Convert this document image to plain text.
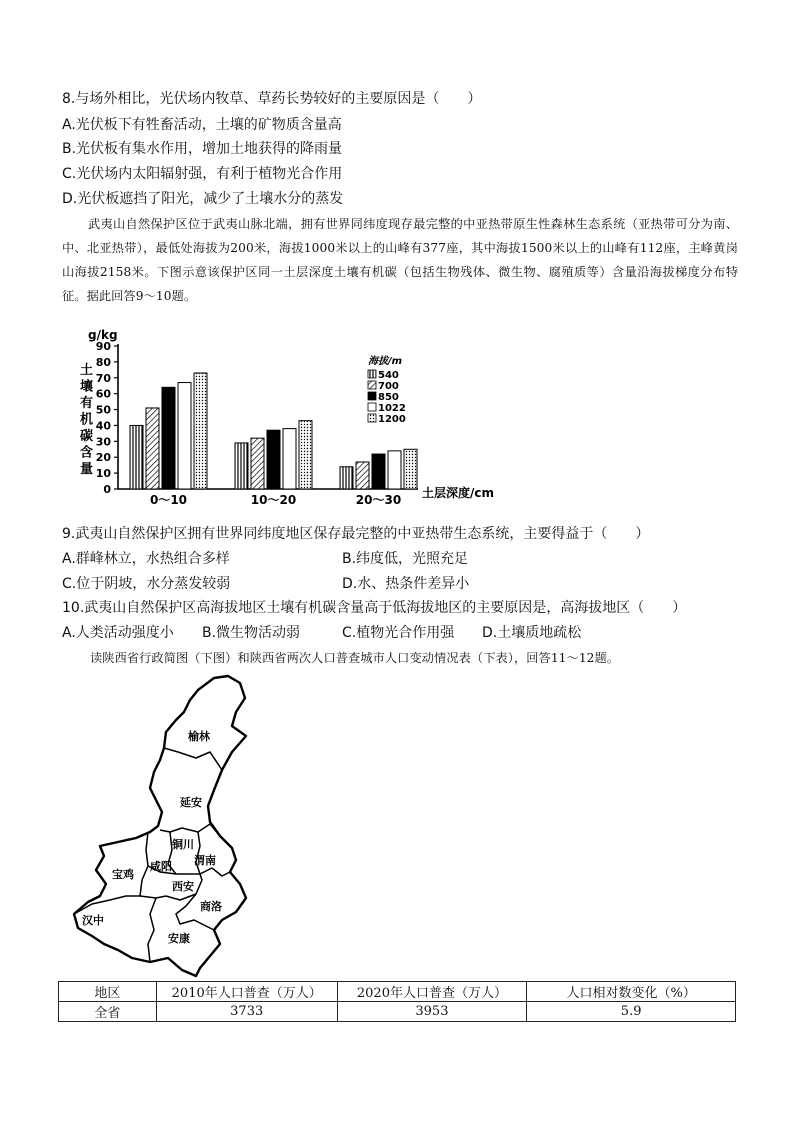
8.与场外相比，光伏场内牧草、草药长势较好的主要原因是（　　）
A.光伏板下有牲畜活动，土壤的矿物质含量高
B.光伏板有集水作用，增加土地获得的降雨量
C.光伏场内太阳辐射强，有利于植物光合作用
D.光伏板遮挡了阳光，减少了土壤水分的蒸发
武夷山自然保护区位于武夷山脉北端，拥有世界同纬度现存最完整的中亚热带原生性森林生态系统（亚热带可分为南、中、北亚热带），最低处海拔为200米，海拔1000米以上的山峰有377座，其中海拔1500米以上的山峰有112座，主峰黄岗山海拔2158米。下图示意该保护区同一土层深度土壤有机碳（包括生物残体、微生物、腐殖质等）含量沿海拔梯度分布特征。据此回答9～10题。
0
10
20
30
40
50
60
70
80
90
g/kg
土
壤
有
机
碳
含
量
0～10	10～20	20～30 土层深度/cm
海拔/m
540
700
850
1022
1200
9.武夷山自然保护区拥有世界同纬度地区保存最完整的中亚热带生态系统，主要得益于（　　）
A.群峰林立，水热组合多样	B.纬度低，光照充足
C.位于阴坡，水分蒸发较弱	D.水、热条件差异小
10.武夷山自然保护区高海拔地区土壤有机碳含量高于低海拔地区的主要原因是，高海拔地区（　　）
A.人类活动强度小 B.微生物活动弱	C.植物光合作用强 D.土壤质地疏松
读陕西省行政简图（下图）和陕西省两次人口普查城市人口变动情况表（下表），回答11～12题。
榆林
延安
铜川
咸阳 渭南
宝鸡
西安
商洛
汉中
安康
地区	2010年人口普查（万人）	2020年人口普查（万人）	人口相对数变化（%）
全省	3733	3953	5.9
